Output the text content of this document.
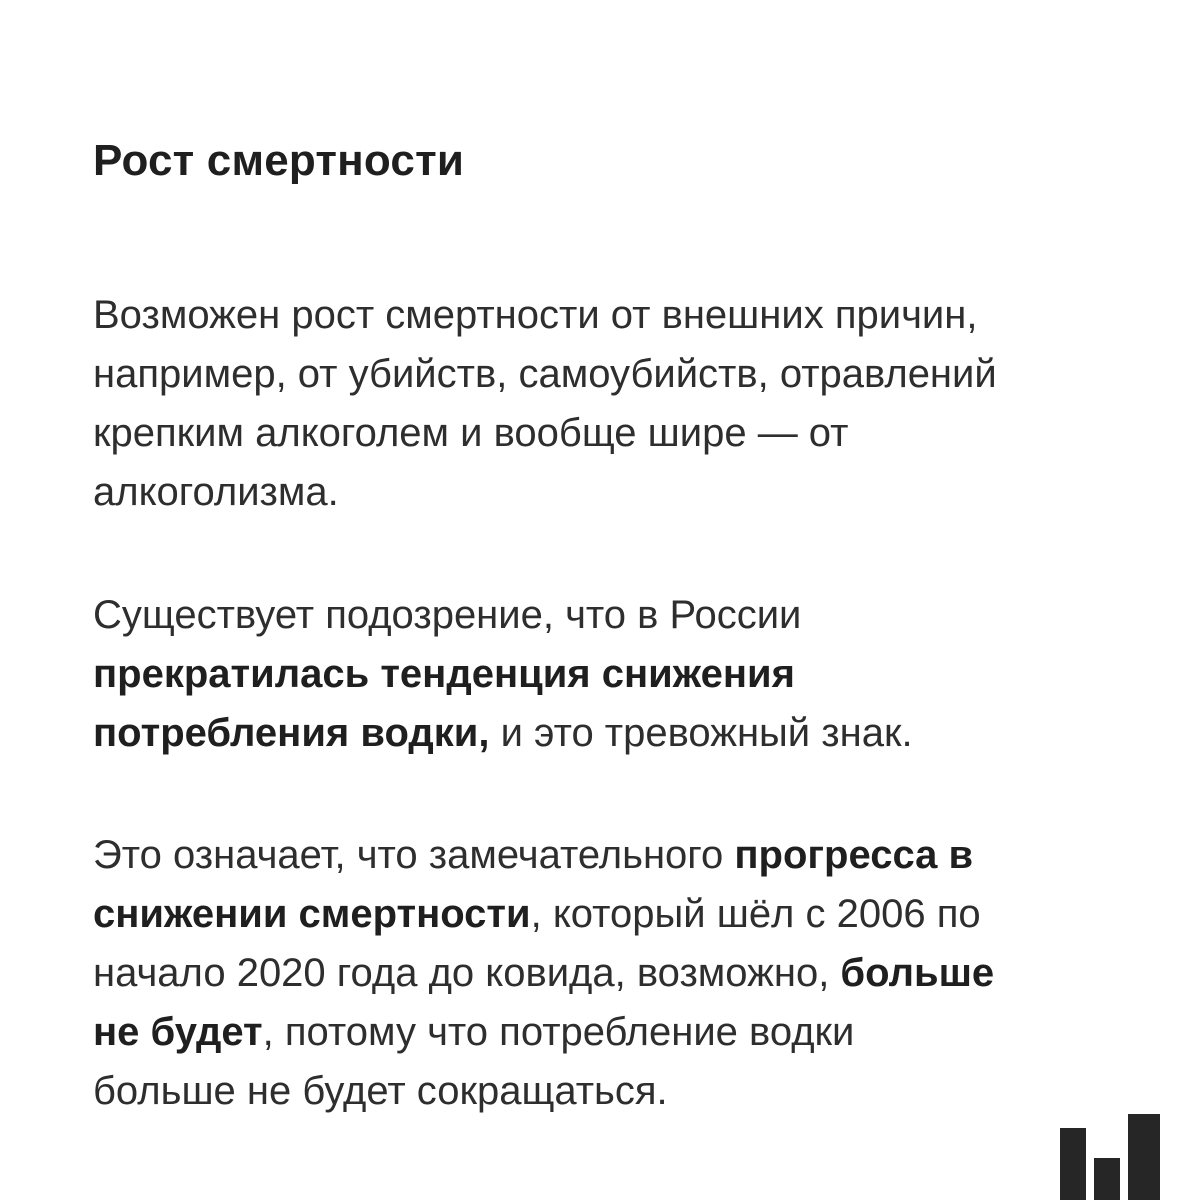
Рост смертности

Возможен рост смертности от внешних причин,
например, от убийств, самоубийств, отравлений
крепким алкоголем и вообще шире — от
алкоголизма.

Существует подозрение, что в России
прекратилась тенденция снижения
потребления водки, и это тревожный знак.

Это означает, что замечательного прогресса в
снижении смертности, который шёл с 2006 по
начало 2020 года до ковида, возможно, больше
не будет, потому что потребление водки
больше не будет сокращаться.
